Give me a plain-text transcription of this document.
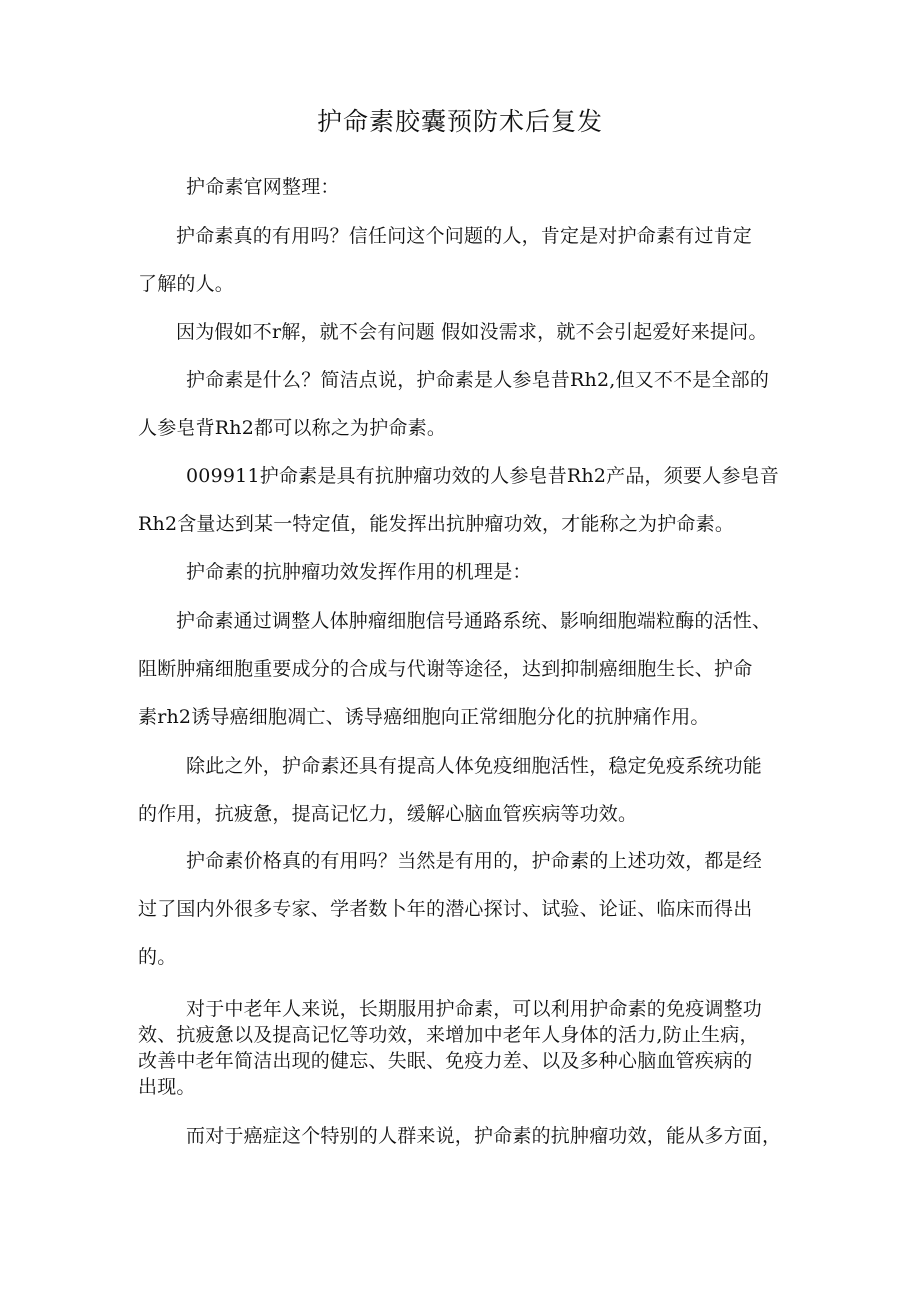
护命素胶囊预防术后复发
护命素官网整理：
护命素真的有用吗？信任问这个问题的人，肯定是对护命素有过肯定
了解的人。
因为假如不r解，就不会有问题 假如没需求，就不会引起爱好来提问。
护命素是什么？简洁点说，护命素是人参皂昔Rh2,但又不不是全部的
人参皂背Rh2都可以称之为护命素。
009911护命素是具有抗肿瘤功效的人参皂昔Rh2产品，须要人参皂音
Rh2含量达到某一特定值，能发挥出抗肿瘤功效，才能称之为护命素。
护命素的抗肿瘤功效发挥作用的机理是：
护命素通过调整人体肿瘤细胞信号通路系统、影响细胞端粒酶的活性、
阻断肿痛细胞重要成分的合成与代谢等途径，达到抑制癌细胞生长、护命
素rh2诱导癌细胞凋亡、诱导癌细胞向正常细胞分化的抗肿痛作用。
除此之外，护命素还具有提高人体免疫细胞活性，稳定免疫系统功能
的作用，抗疲惫，提高记忆力，缓解心脑血管疾病等功效。
护命素价格真的有用吗？当然是有用的，护命素的上述功效，都是经
过了国内外很多专家、学者数卜年的潜心探讨、试验、论证、临床而得出
的。
对于中老年人来说，长期服用护命素，可以利用护命素的免疫调整功
效、抗疲惫以及提高记忆等功效，来增加中老年人身体的活力,防止生病，
改善中老年简洁出现的健忘、失眠、免疫力差、以及多种心脑血管疾病的
出现。
而对于癌症这个特别的人群来说，护命素的抗肿瘤功效，能从多方面，
